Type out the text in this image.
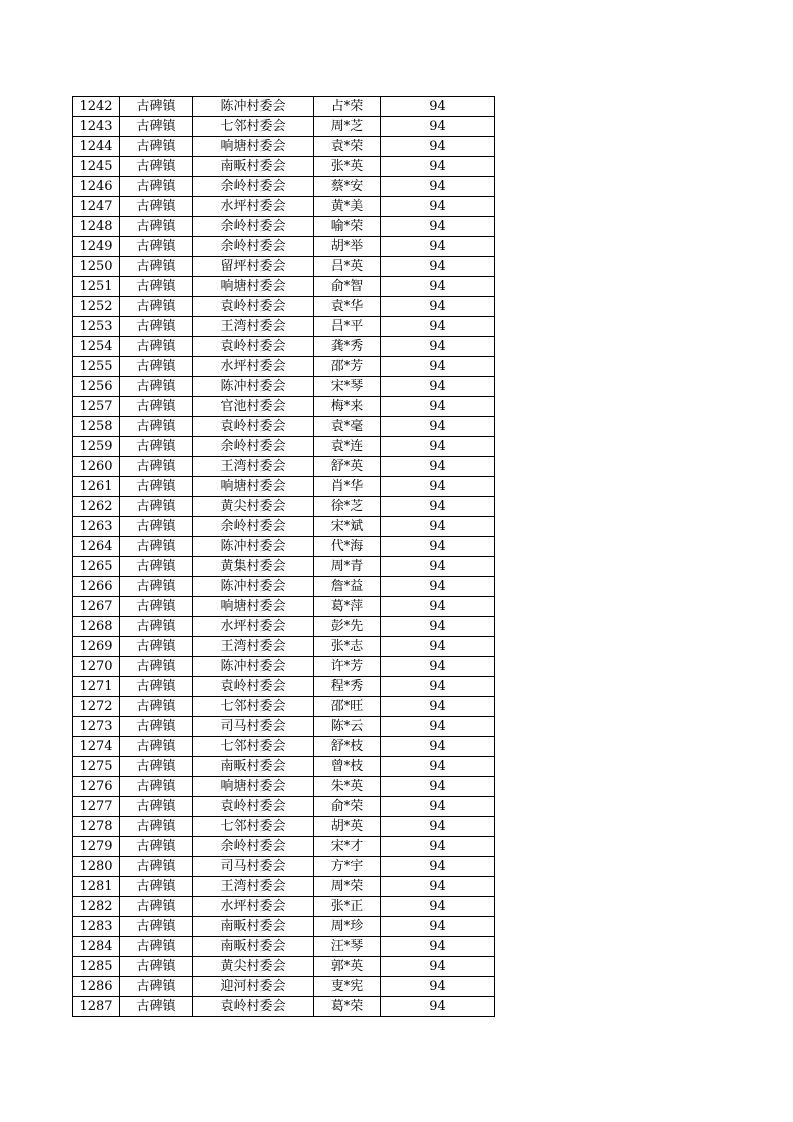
1242	古碑镇	陈冲村委会	占*荣	94
1243	古碑镇	七邻村委会	周*芝	94
1244	古碑镇	响塘村委会	袁*荣	94
1245	古碑镇	南畈村委会	张*英	94
1246	古碑镇	余岭村委会	蔡*安	94
1247	古碑镇	水坪村委会	黄*美	94
1248	古碑镇	余岭村委会	喻*荣	94
1249	古碑镇	余岭村委会	胡*举	94
1250	古碑镇	留坪村委会	吕*英	94
1251	古碑镇	响塘村委会	俞*智	94
1252	古碑镇	袁岭村委会	袁*华	94
1253	古碑镇	王湾村委会	吕*平	94
1254	古碑镇	袁岭村委会	龚*秀	94
1255	古碑镇	水坪村委会	邵*芳	94
1256	古碑镇	陈冲村委会	宋*琴	94
1257	古碑镇	官池村委会	梅*来	94
1258	古碑镇	袁岭村委会	袁*毫	94
1259	古碑镇	余岭村委会	袁*连	94
1260	古碑镇	王湾村委会	舒*英	94
1261	古碑镇	响塘村委会	肖*华	94
1262	古碑镇	黄尖村委会	徐*芝	94
1263	古碑镇	余岭村委会	宋*斌	94
1264	古碑镇	陈冲村委会	代*海	94
1265	古碑镇	黄集村委会	周*青	94
1266	古碑镇	陈冲村委会	詹*益	94
1267	古碑镇	响塘村委会	葛*萍	94
1268	古碑镇	水坪村委会	彭*先	94
1269	古碑镇	王湾村委会	张*志	94
1270	古碑镇	陈冲村委会	许*芳	94
1271	古碑镇	袁岭村委会	程*秀	94
1272	古碑镇	七邻村委会	邵*旺	94
1273	古碑镇	司马村委会	陈*云	94
1274	古碑镇	七邻村委会	舒*枝	94
1275	古碑镇	南畈村委会	曾*枝	94
1276	古碑镇	响塘村委会	朱*英	94
1277	古碑镇	袁岭村委会	俞*荣	94
1278	古碑镇	七邻村委会	胡*英	94
1279	古碑镇	余岭村委会	宋*才	94
1280	古碑镇	司马村委会	方*宇	94
1281	古碑镇	王湾村委会	周*荣	94
1282	古碑镇	水坪村委会	张*正	94
1283	古碑镇	南畈村委会	周*珍	94
1284	古碑镇	南畈村委会	汪*琴	94
1285	古碑镇	黄尖村委会	郭*英	94
1286	古碑镇	迎河村委会	叓*宪	94
1287	古碑镇	袁岭村委会	葛*荣	94
